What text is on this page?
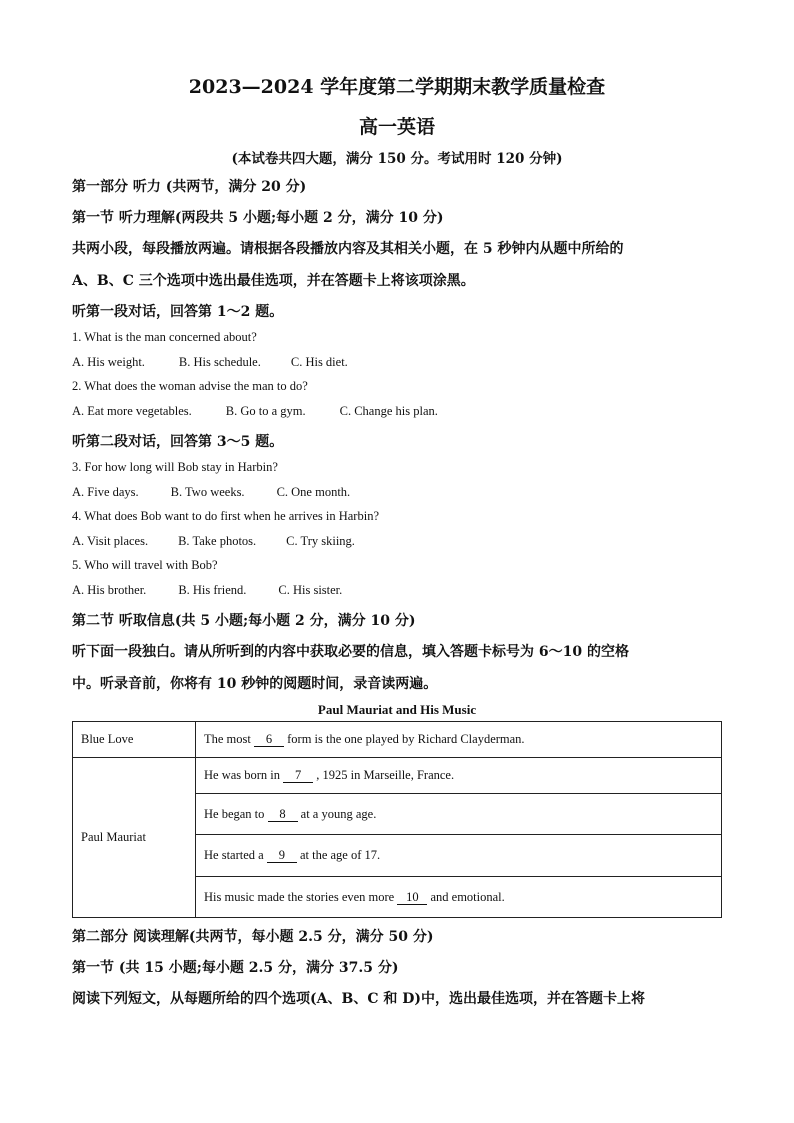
2023—2024 学年度第二学期期末教学质量检查
高一英语
(本试卷共四大题，满分 150 分。考试用时 120 分钟)
第一部分 听力 (共两节，满分 20 分)
第一节 听力理解(两段共 5 小题;每小题 2 分，满分 10 分)
共两小段，每段播放两遍。请根据各段播放内容及其相关小题，在 5 秒钟内从题中所给的
A、B、C 三个选项中选出最佳选项，并在答题卡上将该项涂黑。
听第一段对话，回答第 1～2 题。
1. What is the man concerned about?
A. His weight.	B. His schedule. C. His diet.
2. What does the woman advise the man to do?
A. Eat more vegetables.	B. Go to a gym.	C. Change his plan.
听第二段对话，回答第 3～5 题。
3. For how long will Bob stay in Harbin?
A. Five days.	B. Two weeks.	C. One month.
4. What does Bob want to do first when he arrives in Harbin?
A. Visit places. B. Take photos. C. Try skiing.
5. Who will travel with Bob?
A. His brother.	B. His friend.	C. His sister.
第二节 听取信息(共 5 小题;每小题 2 分，满分 10 分)
听下面一段独白。请从所听到的内容中获取必要的信息，填入答题卡标号为 6～10 的空格
中。听录音前，你将有 10 秒钟的阅题时间，录音读两遍。
Paul Mauriat and His Music
Blue Love	The most 6 form is the one played by Richard Clayderman.
Paul Mauriat	He was born in 7 , 1925 in Marseille, France.
	He began to 8 at a young age.
	He started a 9 at the age of 17.
	His music made the stories even more 10 and emotional.
第二部分 阅读理解(共两节，每小题 2.5 分，满分 50 分)
第一节 (共 15 小题;每小题 2.5 分，满分 37.5 分)
阅读下列短文，从每题所给的四个选项(A、B、C 和 D)中，选出最佳选项，并在答题卡上将
